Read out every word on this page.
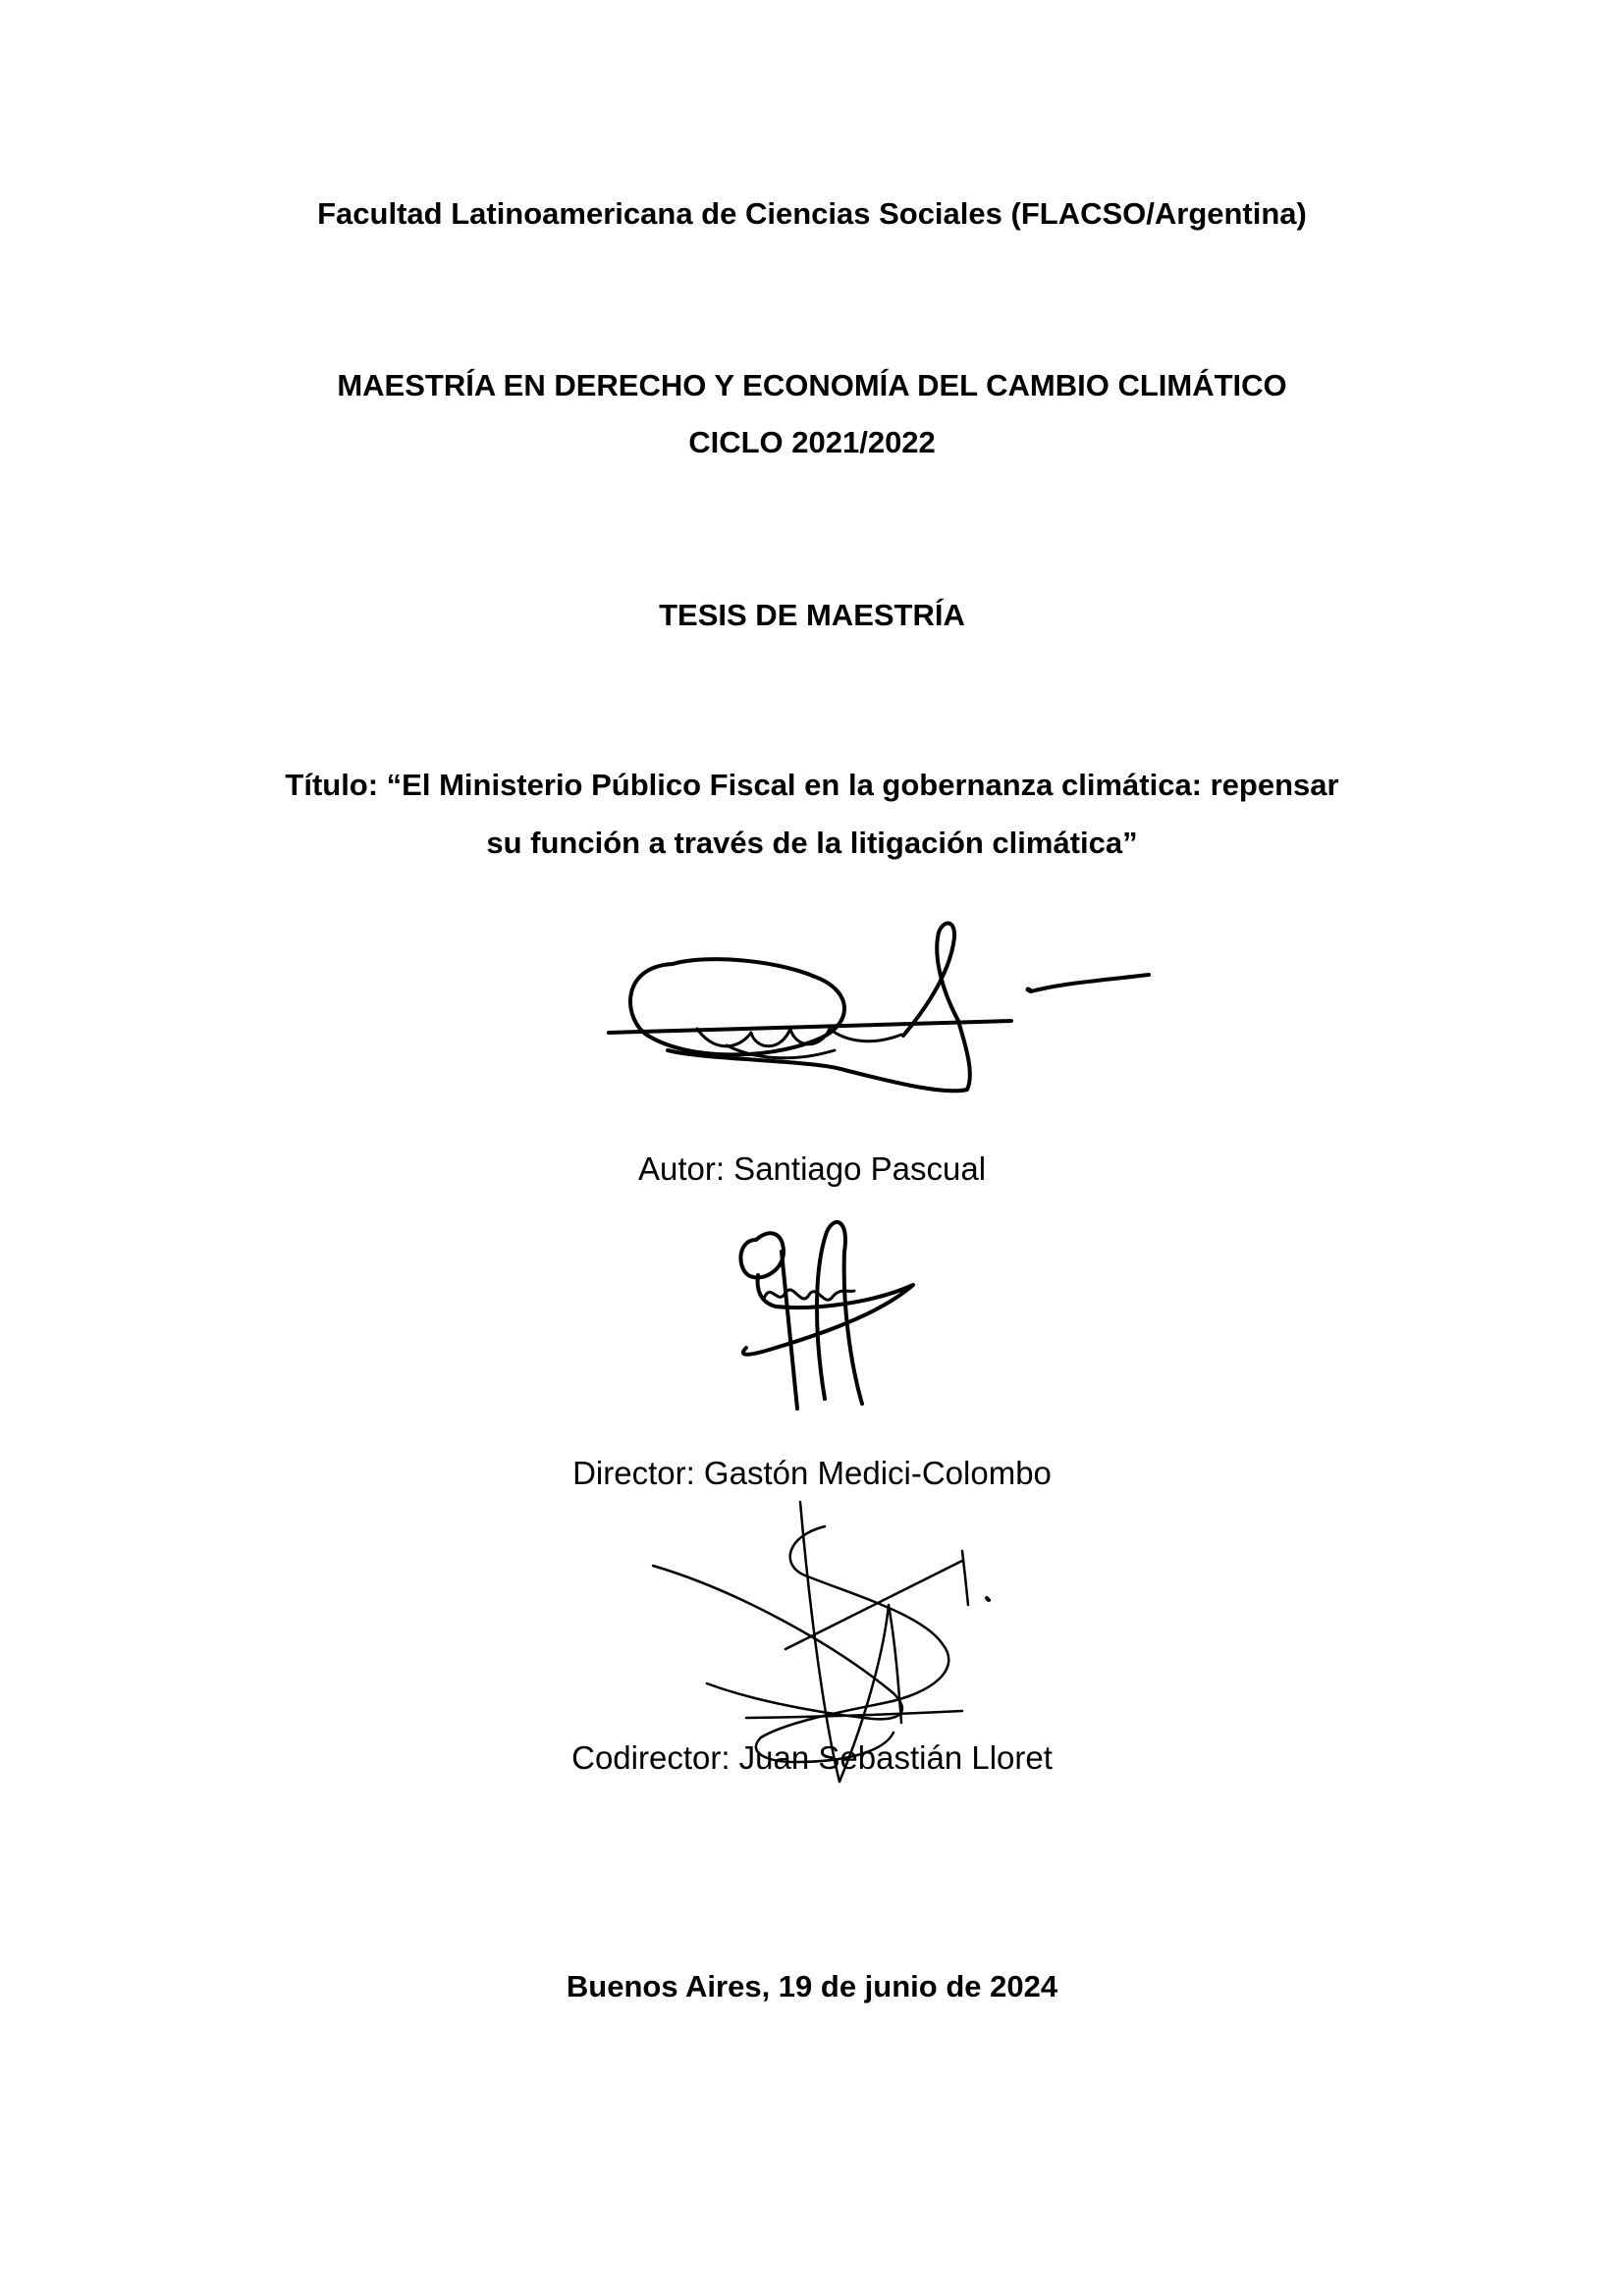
Facultad Latinoamericana de Ciencias Sociales (FLACSO/Argentina)
MAESTRÍA EN DERECHO Y ECONOMÍA DEL CAMBIO CLIMÁTICO
CICLO 2021/2022
TESIS DE MAESTRÍA
Título: “El Ministerio Público Fiscal en la gobernanza climática: repensar
su función a través de la litigación climática”
Autor: Santiago Pascual
Director: Gastón Medici-Colombo
Codirector: Juan Sebastián Lloret
Buenos Aires, 19 de junio de 2024
